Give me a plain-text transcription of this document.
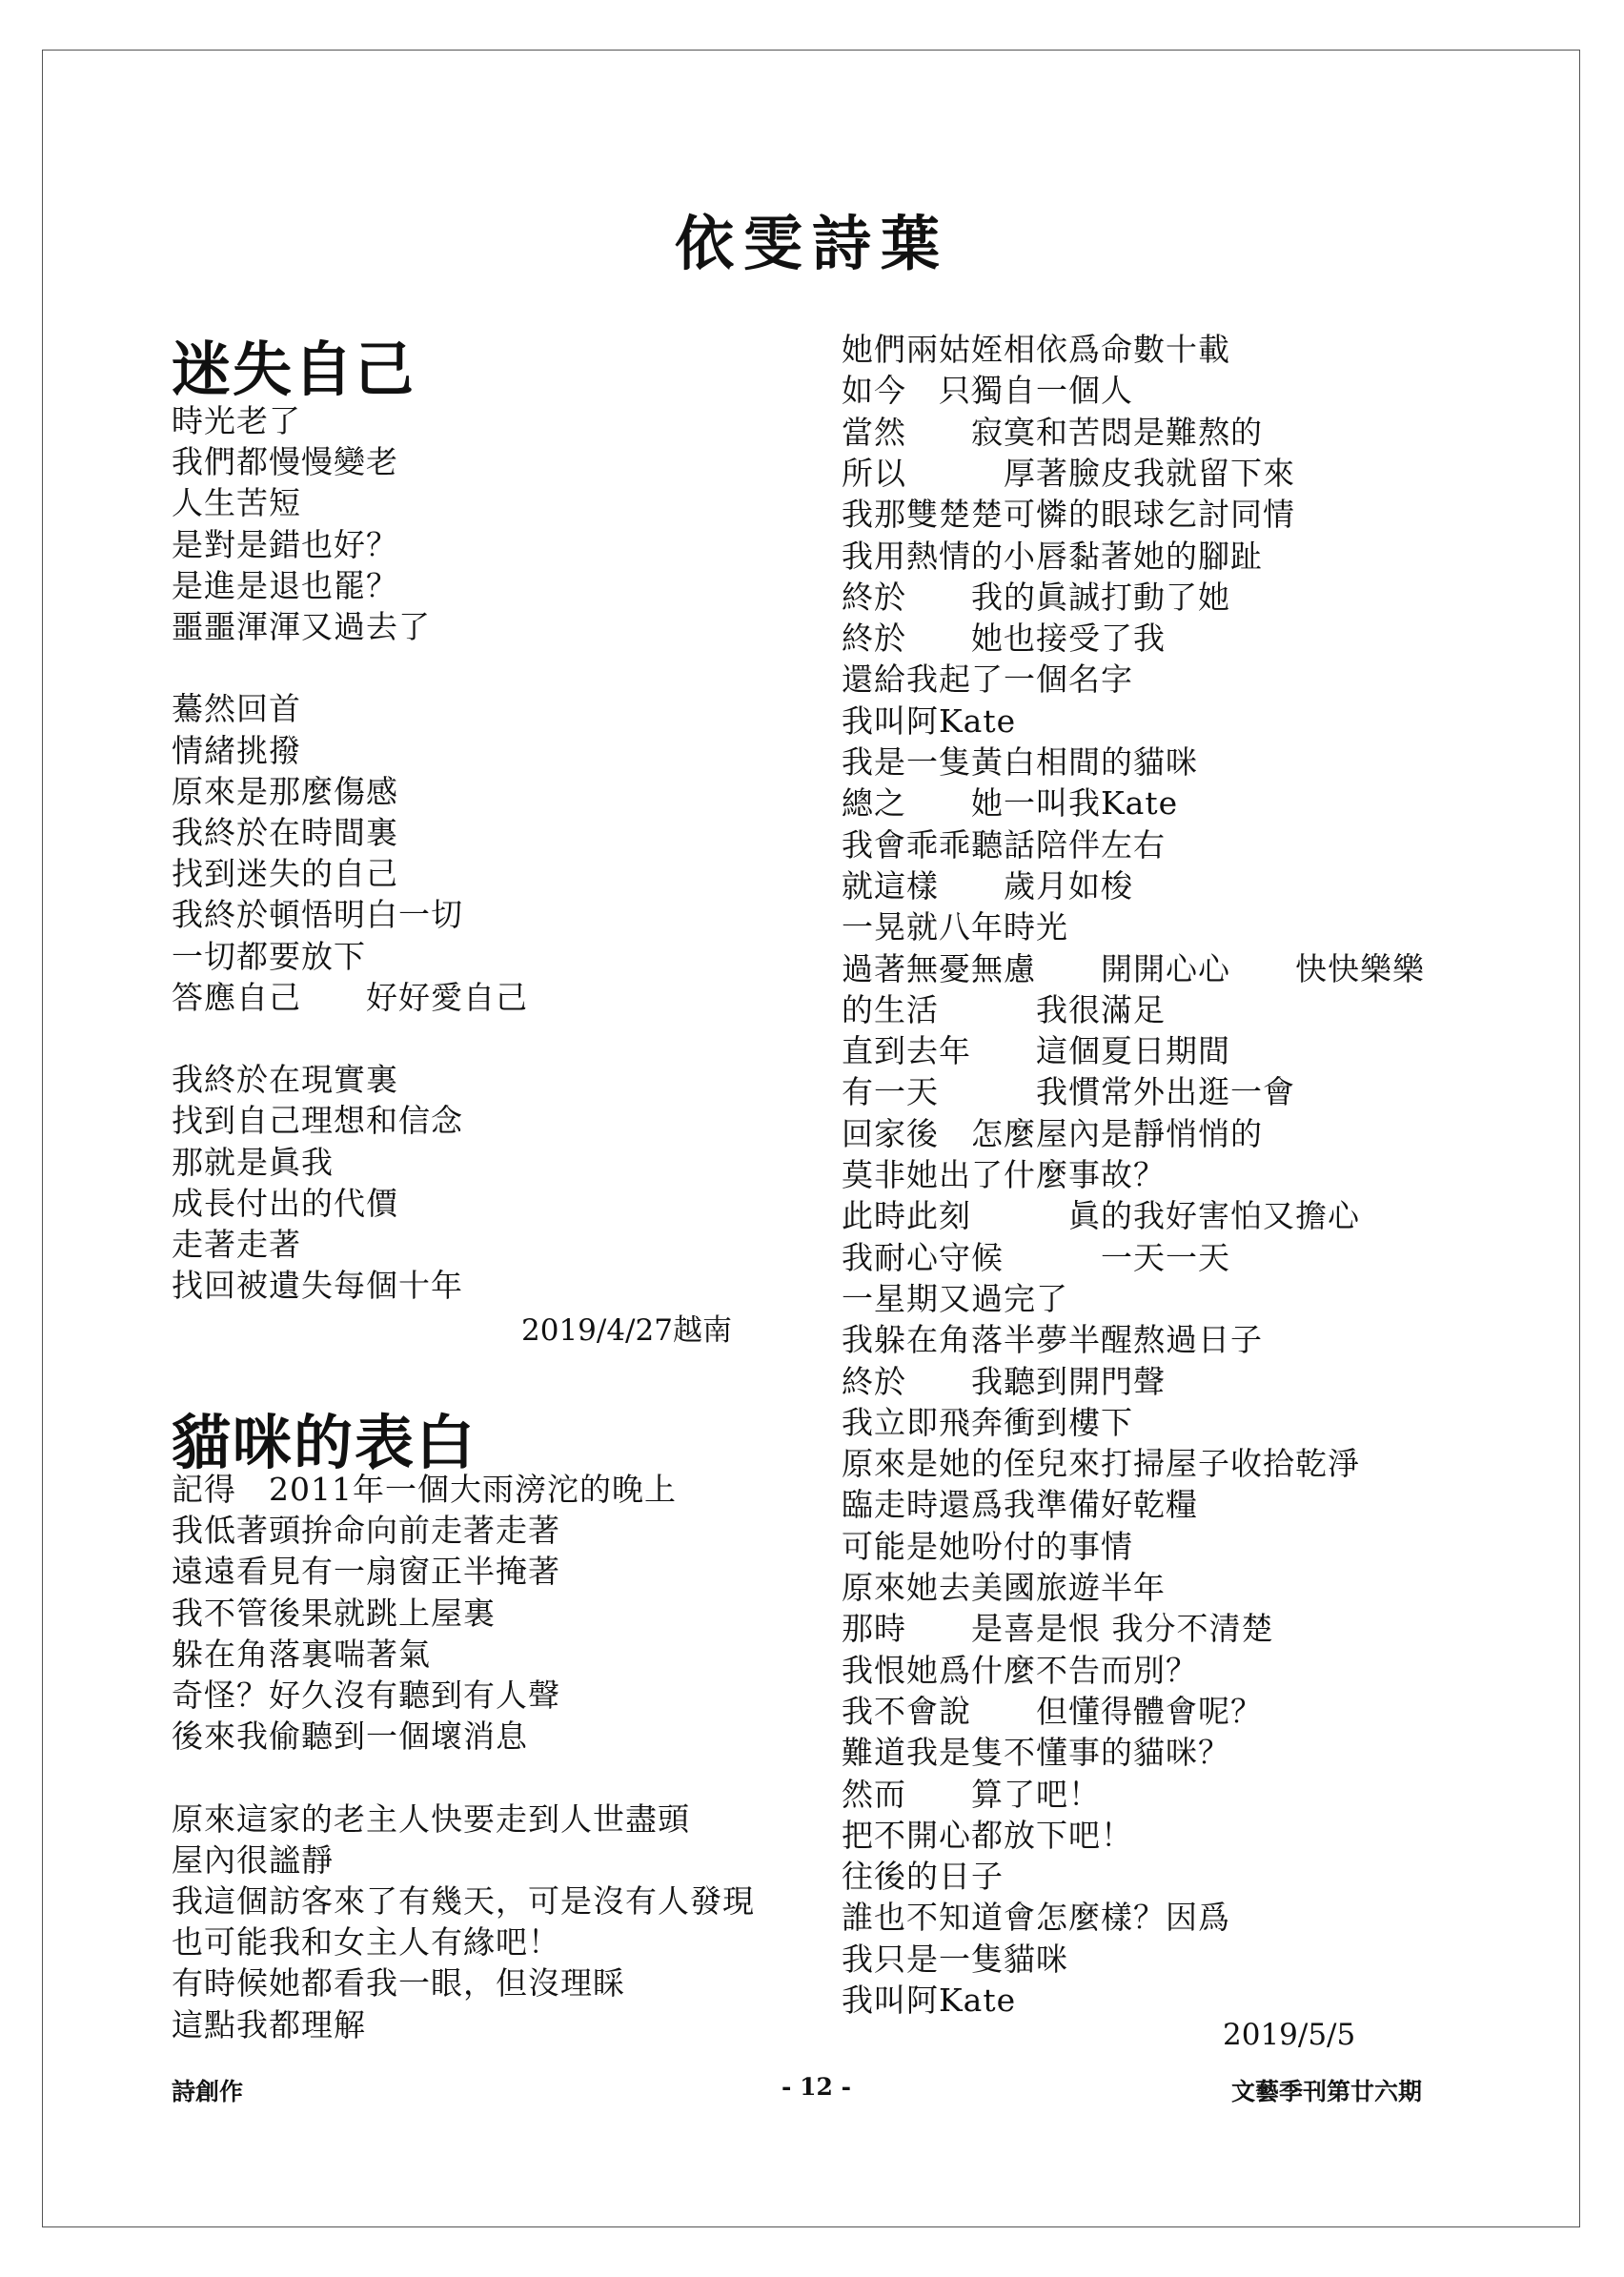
依雯詩葉
迷失自己

時光老了

我們都慢慢變老

人生苦短

是對是錯也好？

是進是退也罷？

噩噩渾渾又過去了

驀然回首

情緒挑撥

原來是那麼傷感

我終於在時間裏

找到迷失的自己

我終於頓悟明白一切

一切都要放下

答應自己　　好好愛自己

我終於在現實裏

找到自己理想和信念

那就是眞我

成長付出的代價

走著走著

找回被遺失每個十年

2019/4/27越南

貓咪的表白

記得　2011年一個大雨滂沱的晚上

我低著頭拚命向前走著走著

遠遠看見有一扇窗正半掩著

我不管後果就跳上屋裏

躲在角落裏喘著氣

奇怪？好久沒有聽到有人聲

後來我偷聽到一個壞消息

原來這家的老主人快要走到人世盡頭

屋內很謐靜

我這個訪客來了有幾天，可是沒有人發現

也可能我和女主人有緣吧！

有時候她都看我一眼，但沒理睬

這點我都理解

她們兩姑姪相依爲命數十載

如今　只獨自一個人

當然　　寂寞和苦悶是難熬的

所以　　　厚著臉皮我就留下來

我那雙楚楚可憐的眼球乞討同情

我用熱情的小唇黏著她的腳趾

終於　　我的眞誠打動了她

終於　　她也接受了我

還給我起了一個名字

我叫阿Kate

我是一隻黃白相間的貓咪

總之　　她一叫我Kate

我會乖乖聽話陪伴左右

就這樣　　歲月如梭

一晃就八年時光

過著無憂無慮　　開開心心　　快快樂樂

的生活　　　我很滿足

直到去年　　這個夏日期間

有一天　　　我慣常外出逛一會

回家後　怎麼屋內是靜悄悄的

莫非她出了什麼事故？

此時此刻　　　眞的我好害怕又擔心

我耐心守候　　　一天一天

一星期又過完了

我躲在角落半夢半醒熬過日子

終於　　我聽到開門聲

我立即飛奔衝到樓下

原來是她的侄兒來打掃屋子收拾乾淨

臨走時還爲我準備好乾糧

可能是她吩付的事情

原來她去美國旅遊半年

那時　　是喜是恨 我分不清楚

我恨她爲什麼不告而別？

我不會說　　但懂得體會呢？

難道我是隻不懂事的貓咪？

然而　　算了吧！

把不開心都放下吧！

往後的日子

誰也不知道會怎麼樣？因爲

我只是一隻貓咪

我叫阿Kate

2019/5/5

詩創作	- 12 -	文藝季刊第廿六期
